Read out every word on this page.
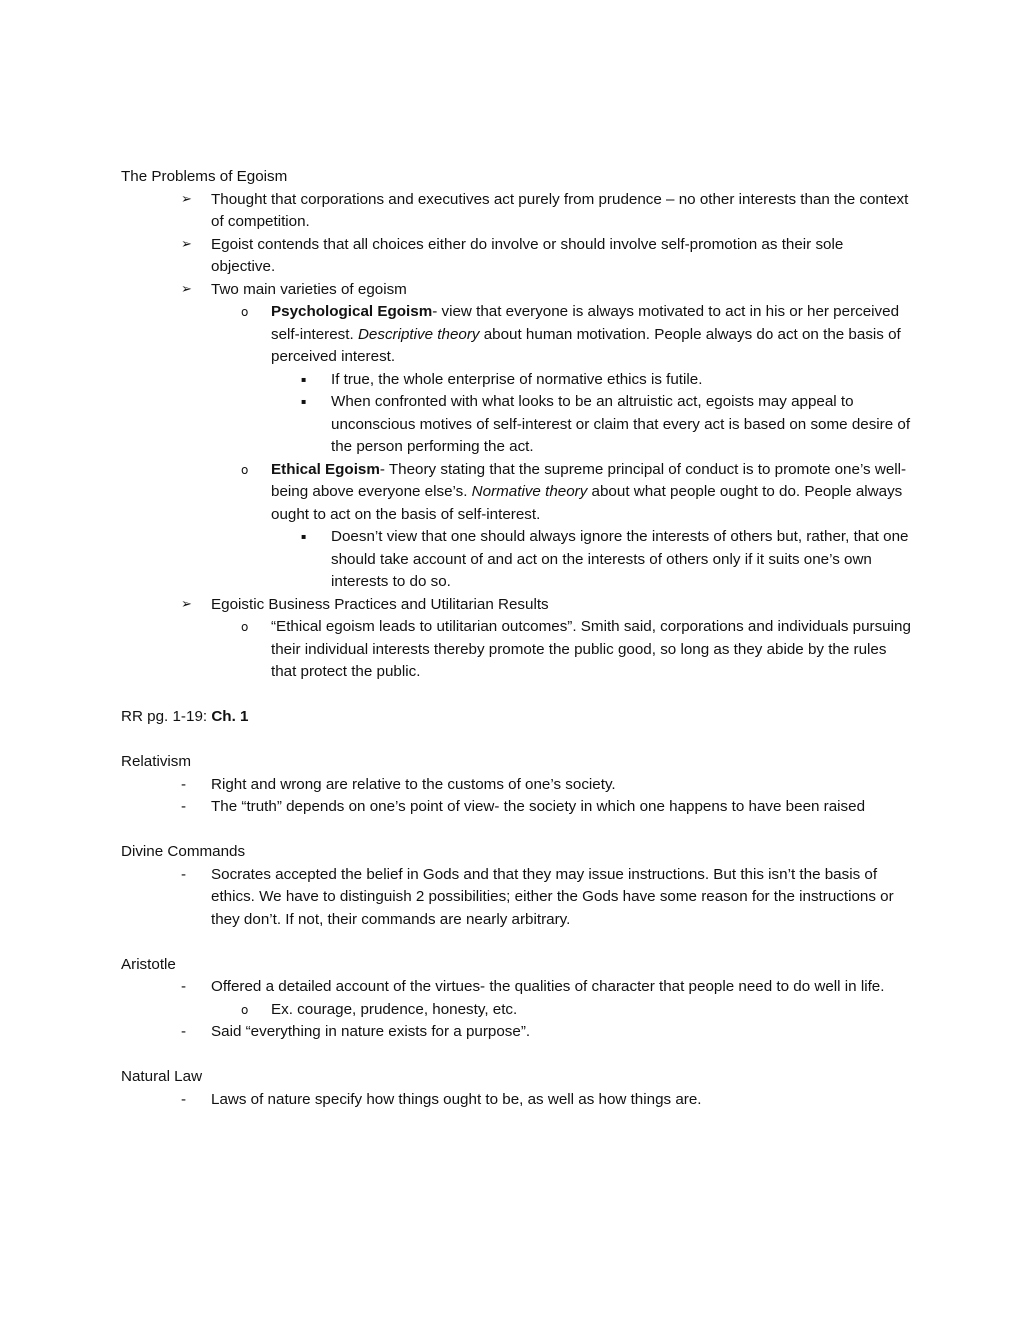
The Problems of Egoism
➢ Thought that corporations and executives act purely from prudence – no other interests than the context of competition.
➢ Egoist contends that all choices either do involve or should involve self-promotion as their sole objective.
➢ Two main varieties of egoism
o Psychological Egoism- view that everyone is always motivated to act in his or her perceived self-interest. Descriptive theory about human motivation. People always do act on the basis of perceived interest.
▪ If true, the whole enterprise of normative ethics is futile.
▪ When confronted with what looks to be an altruistic act, egoists may appeal to unconscious motives of self-interest or claim that every act is based on some desire of the person performing the act.
o Ethical Egoism- Theory stating that the supreme principal of conduct is to promote one’s well-being above everyone else’s. Normative theory about what people ought to do. People always ought to act on the basis of self-interest.
▪ Doesn’t view that one should always ignore the interests of others but, rather, that one should take account of and act on the interests of others only if it suits one’s own interests to do so.
➢ Egoistic Business Practices and Utilitarian Results
o “Ethical egoism leads to utilitarian outcomes”. Smith said, corporations and individuals pursuing their individual interests thereby promote the public good, so long as they abide by the rules that protect the public.
RR pg. 1-19: Ch. 1
Relativism
- Right and wrong are relative to the customs of one’s society.
- The “truth” depends on one’s point of view- the society in which one happens to have been raised
Divine Commands
- Socrates accepted the belief in Gods and that they may issue instructions. But this isn’t the basis of ethics. We have to distinguish 2 possibilities; either the Gods have some reason for the instructions or they don’t. If not, their commands are nearly arbitrary.
Aristotle
- Offered a detailed account of the virtues- the qualities of character that people need to do well in life.
o Ex. courage, prudence, honesty, etc.
- Said “everything in nature exists for a purpose”.
Natural Law
- Laws of nature specify how things ought to be, as well as how things are.
